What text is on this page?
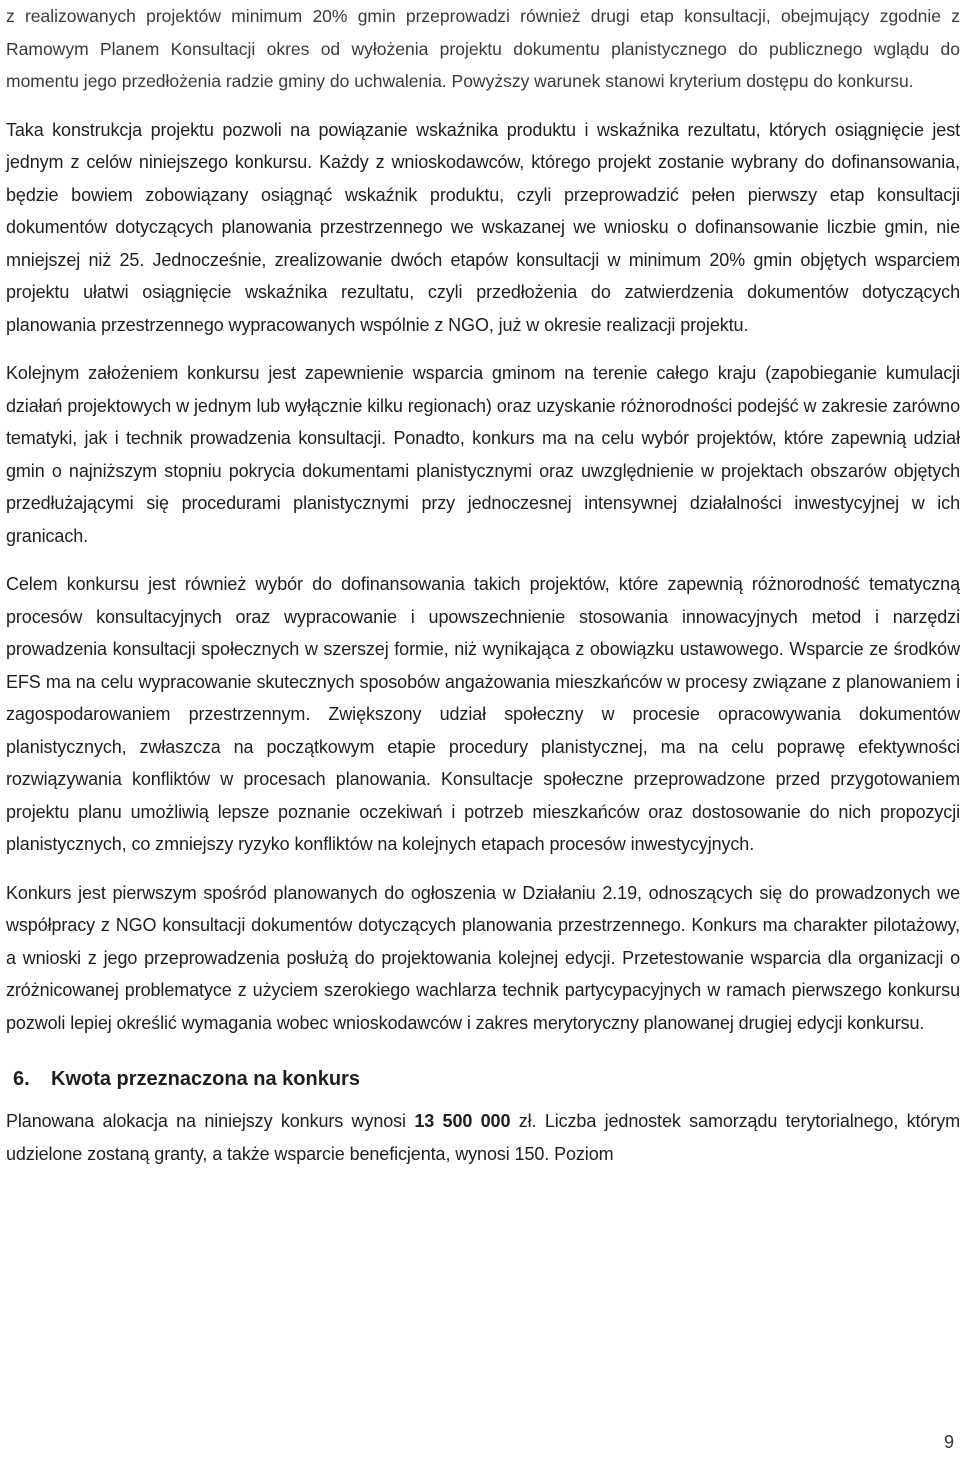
z realizowanych projektów minimum 20% gmin przeprowadzi również drugi etap konsultacji, obejmujący zgodnie z Ramowym Planem Konsultacji okres od wyłożenia projektu dokumentu planistycznego do publicznego wglądu do momentu jego przedłożenia radzie gminy do uchwalenia. Powyższy warunek stanowi kryterium dostępu do konkursu.

Taka konstrukcja projektu pozwoli na powiązanie wskaźnika produktu i wskaźnika rezultatu, których osiągnięcie jest jednym z celów niniejszego konkursu. Każdy z wnioskodawców, którego projekt zostanie wybrany do dofinansowania, będzie bowiem zobowiązany osiągnąć wskaźnik produktu, czyli przeprowadzić pełen pierwszy etap konsultacji dokumentów dotyczących planowania przestrzennego we wskazanej we wniosku o dofinansowanie liczbie gmin, nie mniejszej niż 25. Jednocześnie, zrealizowanie dwóch etapów konsultacji w minimum 20% gmin objętych wsparciem projektu ułatwi osiągnięcie wskaźnika rezultatu, czyli przedłożenia do zatwierdzenia dokumentów dotyczących planowania przestrzennego wypracowanych wspólnie z NGO, już w okresie realizacji projektu.

Kolejnym założeniem konkursu jest zapewnienie wsparcia gminom na terenie całego kraju (zapobieganie kumulacji działań projektowych w jednym lub wyłącznie kilku regionach) oraz uzyskanie różnorodności podejść w zakresie zarówno tematyki, jak i technik prowadzenia konsultacji. Ponadto, konkurs ma na celu wybór projektów, które zapewnią udział gmin o najniższym stopniu pokrycia dokumentami planistycznymi oraz uwzględnienie w projektach obszarów objętych przedłużającymi się procedurami planistycznymi przy jednoczesnej intensywnej działalności inwestycyjnej w ich granicach.

Celem konkursu jest również wybór do dofinansowania takich projektów, które zapewnią różnorodność tematyczną procesów konsultacyjnych oraz wypracowanie i upowszechnienie stosowania innowacyjnych metod i narzędzi prowadzenia konsultacji społecznych w szerszej formie, niż wynikająca z obowiązku ustawowego. Wsparcie ze środków EFS ma na celu wypracowanie skutecznych sposobów angażowania mieszkańców w procesy związane z planowaniem i zagospodarowaniem przestrzennym. Zwiększony udział społeczny w procesie opracowywania dokumentów planistycznych, zwłaszcza na początkowym etapie procedury planistycznej, ma na celu poprawę efektywności rozwiązywania konfliktów w procesach planowania. Konsultacje społeczne przeprowadzone przed przygotowaniem projektu planu umożliwią lepsze poznanie oczekiwań i potrzeb mieszkańców oraz dostosowanie do nich propozycji planistycznych, co zmniejszy ryzyko konfliktów na kolejnych etapach procesów inwestycyjnych.

Konkurs jest pierwszym spośród planowanych do ogłoszenia w Działaniu 2.19, odnoszących się do prowadzonych we współpracy z NGO konsultacji dokumentów dotyczących planowania przestrzennego. Konkurs ma charakter pilotażowy, a wnioski z jego przeprowadzenia posłużą do projektowania kolejnej edycji. Przetestowanie wsparcia dla organizacji o zróżnicowanej problematyce z użyciem szerokiego wachlarza technik partycypacyjnych w ramach pierwszego konkursu pozwoli lepiej określić wymagania wobec wnioskodawców i zakres merytoryczny planowanej drugiej edycji konkursu.

6. Kwota przeznaczona na konkurs

Planowana alokacja na niniejszy konkurs wynosi 13 500 000 zł. Liczba jednostek samorządu terytorialnego, którym udzielone zostaną granty, a także wsparcie beneficjenta, wynosi 150. Poziom

9
